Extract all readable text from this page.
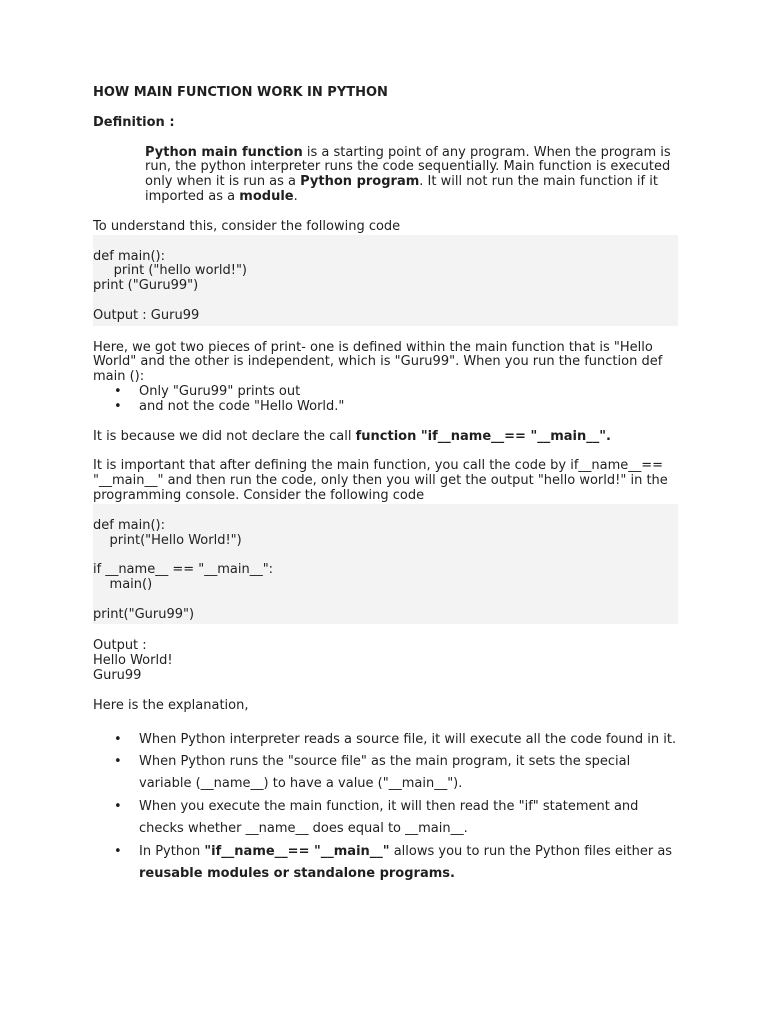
HOW MAIN FUNCTION WORK IN PYTHON
Definition :
Python main function is a starting point of any program. When the program is run, the python interpreter runs the code sequentially. Main function is executed only when it is run as a Python program. It will not run the main function if it imported as a module.
To understand this, consider the following code
def main():
print ("hello world!")
print ("Guru99")
Output : Guru99
Here, we got two pieces of print- one is defined within the main function that is "Hello World" and the other is independent, which is "Guru99". When you run the function def main ():
• Only "Guru99" prints out
• and not the code "Hello World."
It is because we did not declare the call function "if__name__== "__main__".
It is important that after defining the main function, you call the code by if__name__== "__main__" and then run the code, only then you will get the output "hello world!" in the programming console. Consider the following code
def main():
print("Hello World!")
if __name__ == "__main__":
main()
print("Guru99")
Output :
Hello World!
Guru99
Here is the explanation,
• When Python interpreter reads a source file, it will execute all the code found in it.
• When Python runs the "source file" as the main program, it sets the special variable (__name__) to have a value ("__main__").
• When you execute the main function, it will then read the "if" statement and checks whether __name__ does equal to __main__.
• In Python "if__name__== "__main__" allows you to run the Python files either as reusable modules or standalone programs.
